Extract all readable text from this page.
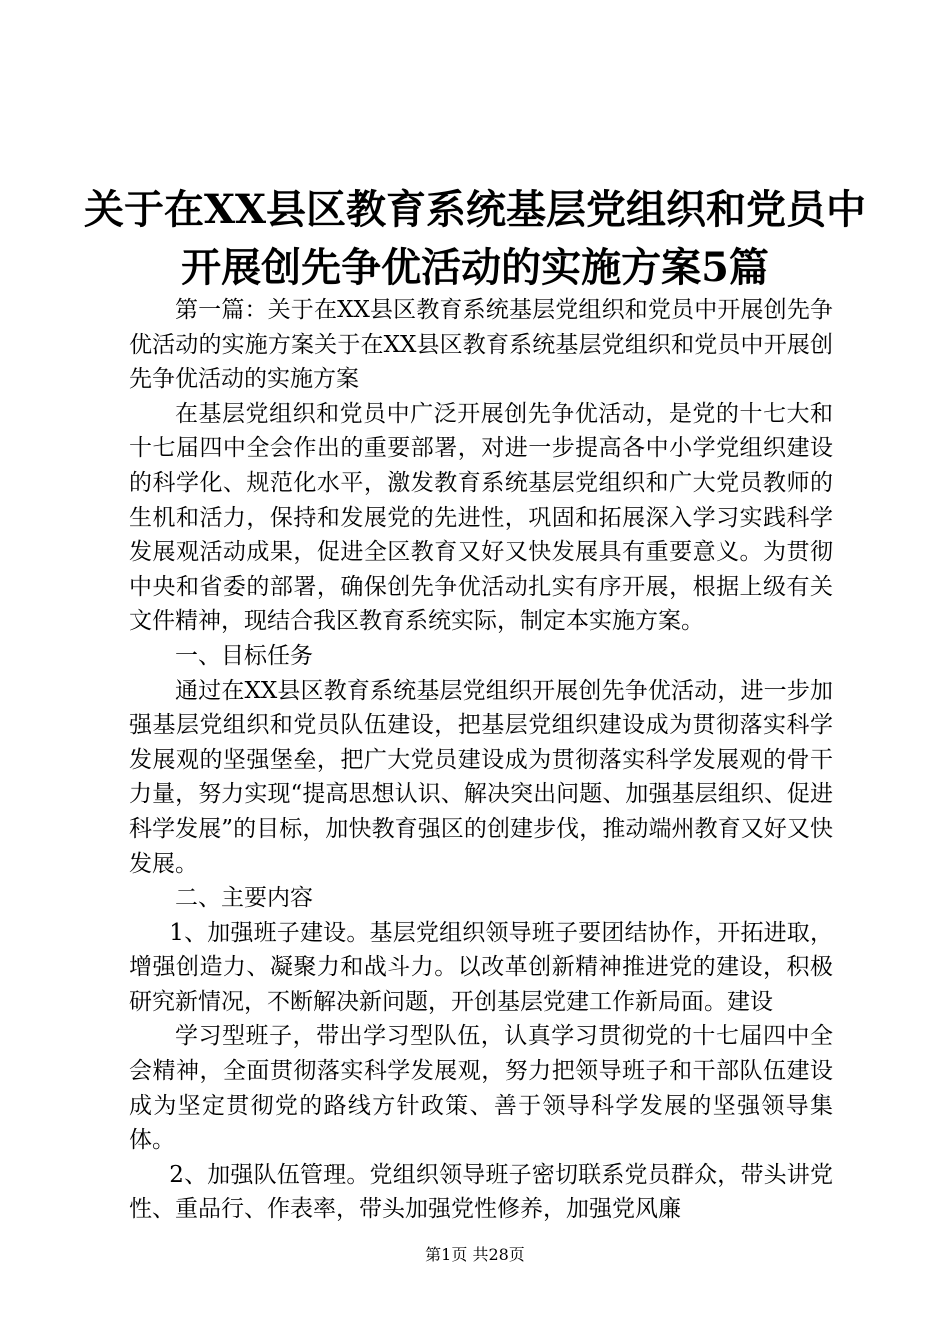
关于在XX县区教育系统基层党组织和党员中
开展创先争优活动的实施方案5篇

第一篇：关于在XX县区教育系统基层党组织和党员中开展创先争优活动的实施方案关于在XX县区教育系统基层党组织和党员中开展创先争优活动的实施方案

在基层党组织和党员中广泛开展创先争优活动，是党的十七大和十七届四中全会作出的重要部署，对进一步提高各中小学党组织建设的科学化、规范化水平，激发教育系统基层党组织和广大党员教师的生机和活力，保持和发展党的先进性，巩固和拓展深入学习实践科学发展观活动成果，促进全区教育又好又快发展具有重要意义。为贯彻中央和省委的部署，确保创先争优活动扎实有序开展，根据上级有关文件精神，现结合我区教育系统实际，制定本实施方案。

一、目标任务

通过在XX县区教育系统基层党组织开展创先争优活动，进一步加强基层党组织和党员队伍建设，把基层党组织建设成为贯彻落实科学发展观的坚强堡垒，把广大党员建设成为贯彻落实科学发展观的骨干力量，努力实现“提高思想认识、解决突出问题、加强基层组织、促进科学发展”的目标，加快教育强区的创建步伐，推动端州教育又好又快发展。

二、主要内容

1、加强班子建设。基层党组织领导班子要团结协作，开拓进取，增强创造力、凝聚力和战斗力。以改革创新精神推进党的建设，积极研究新情况，不断解决新问题，开创基层党建工作新局面。建设

学习型班子，带出学习型队伍，认真学习贯彻党的十七届四中全会精神，全面贯彻落实科学发展观，努力把领导班子和干部队伍建设成为坚定贯彻党的路线方针政策、善于领导科学发展的坚强领导集体。

2、加强队伍管理。党组织领导班子密切联系党员群众，带头讲党性、重品行、作表率，带头加强党性修养，加强党风廉

第1页 共28页
